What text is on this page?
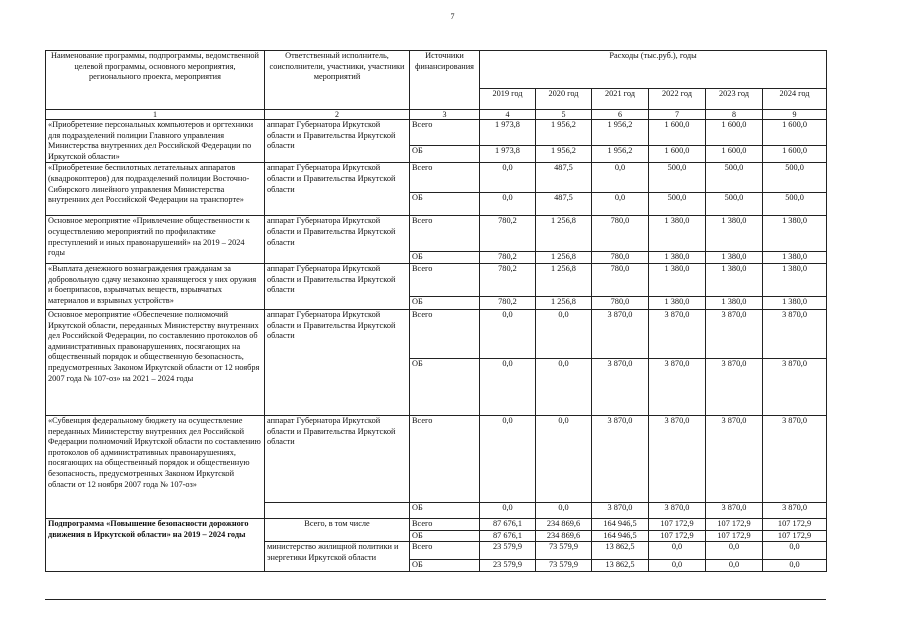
7
Наименование программы, подпрограммы, ведомственной целевой программы, основного мероприятия, регионального проекта, мероприятия	Ответственный исполнитель, соисполнители, участники, участники мероприятий	Источники финансирования	Расходы (тыс.руб.), годы					
			2019 год	2020 год	2021 год	2022 год	2023 год	2024 год
1	2	3	4	5	6	7	8	9
«Приобретение персональных компьютеров и оргтехники для подразделений полиции Главного управления Министерства внутренних дел Российской Федерации по Иркутской области»	аппарат Губернатора Иркутской области и Правительства Иркутской области	Всего	1 973,8	1 956,2	1 956,2	1 600,0	1 600,0	1 600,0
		ОБ	1 973,8	1 956,2	1 956,2	1 600,0	1 600,0	1 600,0
«Приобретение беспилотных летательных аппаратов (квадрокоптеров) для подразделений полиции Восточно-Сибирского линейного управления Министерства внутренних дел Российской Федерации на транспорте»	аппарат Губернатора Иркутской области и Правительства Иркутской области	Всего	0,0	487,5	0,0	500,0	500,0	500,0
		ОБ	0,0	487,5	0,0	500,0	500,0	500,0
Основное мероприятие «Привлечение общественности к осуществлению мероприятий по профилактике преступлений и иных правонарушений» на 2019 – 2024 годы	аппарат Губернатора Иркутской области и Правительства Иркутской области	Всего	780,2	1 256,8	780,0	1 380,0	1 380,0	1 380,0
		ОБ	780,2	1 256,8	780,0	1 380,0	1 380,0	1 380,0
«Выплата денежного вознаграждения гражданам за добровольную сдачу незаконно хранящегося у них оружия и боеприпасов, взрывчатых веществ, взрывчатых материалов и взрывных устройств»	аппарат Губернатора Иркутской области и Правительства Иркутской области	Всего	780,2	1 256,8	780,0	1 380,0	1 380,0	1 380,0
		ОБ	780,2	1 256,8	780,0	1 380,0	1 380,0	1 380,0
Основное мероприятие «Обеспечение полномочий Иркутской области, переданных Министерству внутренних дел Российской Федерации, по составлению протоколов об административных правонарушениях, посягающих на общественный порядок и общественную безопасность, предусмотренных Законом Иркутской области от 12 ноября 2007 года № 107-оз» на 2021 – 2024 годы	аппарат Губернатора Иркутской области и Правительства Иркутской области	Всего	0,0	0,0	3 870,0	3 870,0	3 870,0	3 870,0
		ОБ	0,0	0,0	3 870,0	3 870,0	3 870,0	3 870,0
«Субвенция федеральному бюджету на осуществление переданных Министерству внутренних дел Российской Федерации полномочий Иркутской области по составлению протоколов об административных правонарушениях, посягающих на общественный порядок и общественную безопасность, предусмотренных Законом Иркутской области от 12 ноября 2007 года № 107-оз»	аппарат Губернатора Иркутской области и Правительства Иркутской области	Всего	0,0	0,0	3 870,0	3 870,0	3 870,0	3 870,0
		ОБ	0,0	0,0	3 870,0	3 870,0	3 870,0	3 870,0
Подпрограмма «Повышение безопасности дорожного движения в Иркутской области» на 2019 – 2024 годы	Всего, в том числе	Всего	87 676,1	234 869,6	164 946,5	107 172,9	107 172,9	107 172,9
		ОБ	87 676,1	234 869,6	164 946,5	107 172,9	107 172,9	107 172,9
	министерство жилищной политики и энергетики Иркутской области	Всего	23 579,9	73 579,9	13 862,5	0,0	0,0	0,0
		ОБ	23 579,9	73 579,9	13 862,5	0,0	0,0	0,0
